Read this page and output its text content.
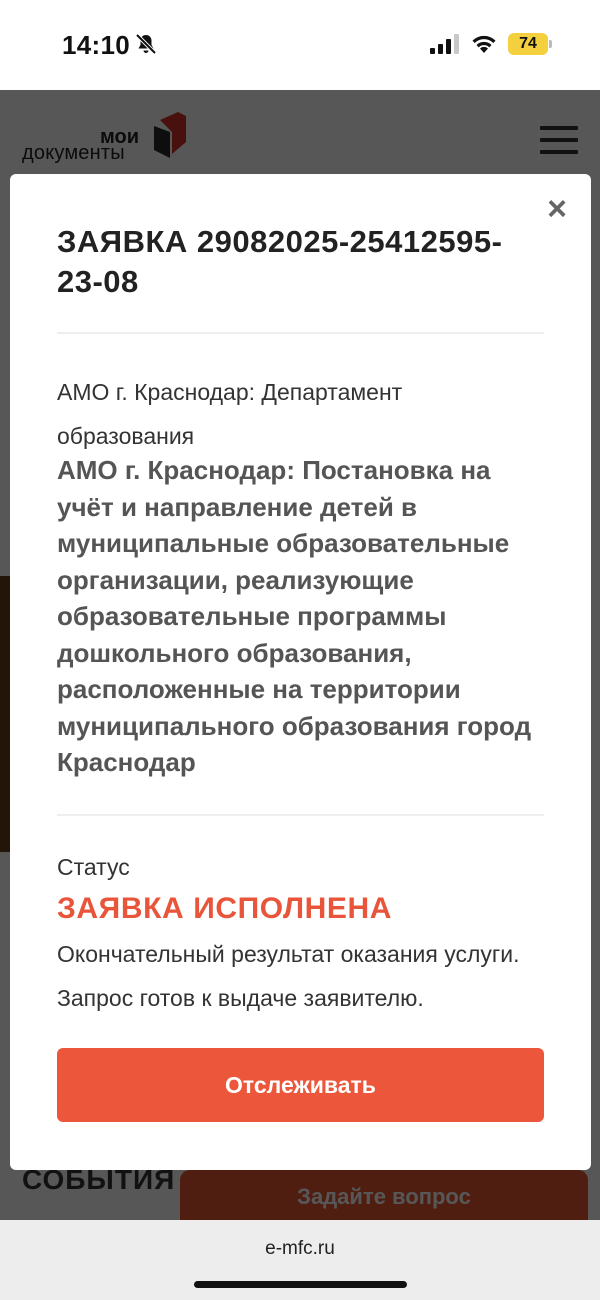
14:10	74
×
ЗАЯВКА 29082025-25412595-23-08
АМО г. Краснодар: Департамент образования
АМО г. Краснодар: Постановка на учёт и направление детей в муниципальные образовательные организации, реализующие образовательные программы дошкольного образования, расположенные на территории муниципального образования город Краснодар
Статус
ЗАЯВКА ИСПОЛНЕНА
Окончательный результат оказания услуги. Запрос готов к выдаче заявителю.
Отслеживать
e-mfc.ru
